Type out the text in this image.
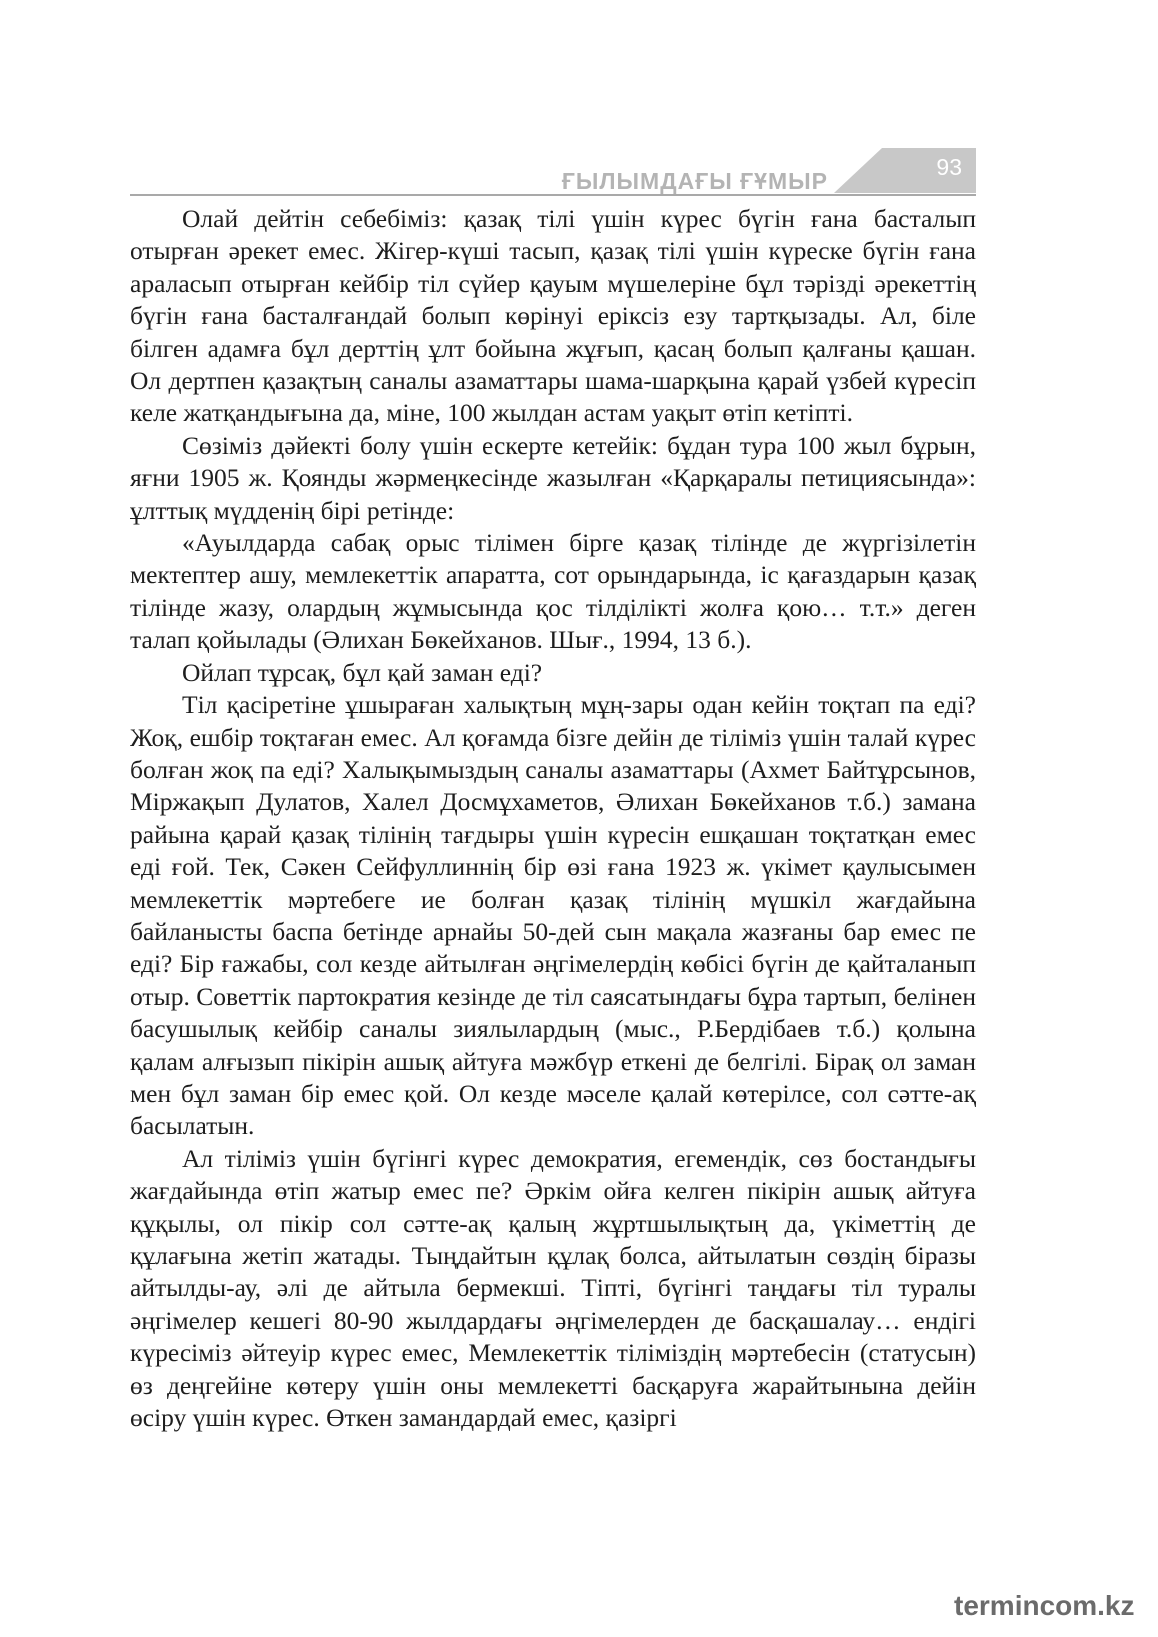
ҒЫЛЫМДАҒЫ ҒҰМЫР
93

Олай дейтін себебіміз: қазақ тілі үшін күрес бүгін ғана басталып отырған әрекет емес. Жігер-күші тасып, қазақ тілі үшін күреске бүгін ғана араласып отырған кейбір тіл сүйер қауым мүшелеріне бұл тәрізді әрекеттің бүгін ғана басталғандай болып көрінуі еріксіз езу тартқызады. Ал, біле білген адамға бұл дерттің ұлт бойына жұғып, қасаң болып қалғаны қашан. Ол дертпен қазақтың саналы азаматтары шама-шарқына қарай үзбей күресіп келе жатқандығына да, міне, 100 жылдан астам уақыт өтіп кетіпті.

Сөзіміз дәйекті болу үшін ескерте кетейік: бұдан тура 100 жыл бұрын, яғни 1905 ж. Қоянды жәрмеңкесінде жазылған «Қарқаралы петициясында»: ұлттық мүдденің бірі ретінде:

«Ауылдарда сабақ орыс тілімен бірге қазақ тілінде де жүргізілетін мектептер ашу, мемлекеттік апаратта, сот орындарында, іс қағаздарын қазақ тілінде жазу, олардың жұмысында қос тілділікті жолға қою… т.т.» деген талап қойылады (Әлихан Бөкейханов. Шығ., 1994, 13 б.).

Ойлап тұрсақ, бұл қай заман еді?

Тіл қасіретіне ұшыраған халықтың мұң-зары одан кейін тоқтап па еді? Жоқ, ешбір тоқтаған емес. Ал қоғамда бізге дейін де тіліміз үшін талай күрес болған жоқ па еді? Халықымыздың саналы азаматтары (Ахмет Байтұрсынов, Міржақып Дулатов, Халел Досмұхаметов, Әлихан Бөкейханов т.б.) замана райына қарай қазақ тілінің тағдыры үшін күресін ешқашан тоқтатқан емес еді ғой. Тек, Сәкен Сейфуллиннің бір өзі ғана 1923 ж. үкімет қаулысымен мемлекеттік мәртебеге ие болған қазақ тілінің мүшкіл жағдайына байланысты баспа бетінде арнайы 50-дей сын мақала жазғаны бар емес пе еді? Бір ғажабы, сол кезде айтылған әңгімелердің көбісі бүгін де қайталанып отыр. Советтік партократия кезінде де тіл саясатындағы бұра тартып, белінен басушылық кейбір саналы зиялылардың (мыс., Р.Бердібаев т.б.) қолына қалам алғызып пікірін ашық айтуға мәжбүр еткені де белгілі. Бірақ ол заман мен бұл заман бір емес қой. Ол кезде мәселе қалай көтерілсе, сол сәтте-ақ басылатын.

Ал тіліміз үшін бүгінгі күрес демократия, егемендік, сөз бостандығы жағдайында өтіп жатыр емес пе? Әркім ойға келген пікірін ашық айтуға құқылы, ол пікір сол сәтте-ақ қалың жұртшылықтың да, үкіметтің де құлағына жетіп жатады. Тыңдайтын құлақ болса, айтылатын сөздің біразы айтылды-ау, әлі де айтыла бермекші. Тіпті, бүгінгі таңдағы тіл туралы әңгімелер кешегі 80-90 жылдардағы әңгімелерден де басқашалау… ендігі күресіміз әйтеуір күрес емес, Мемлекеттік тіліміздің мәртебесін (статусын) өз деңгейіне көтеру үшін оны мемлекетті басқаруға жарайтынына дейін өсіру үшін күрес. Өткен замандардай емес, қазіргі

termincom.kz
